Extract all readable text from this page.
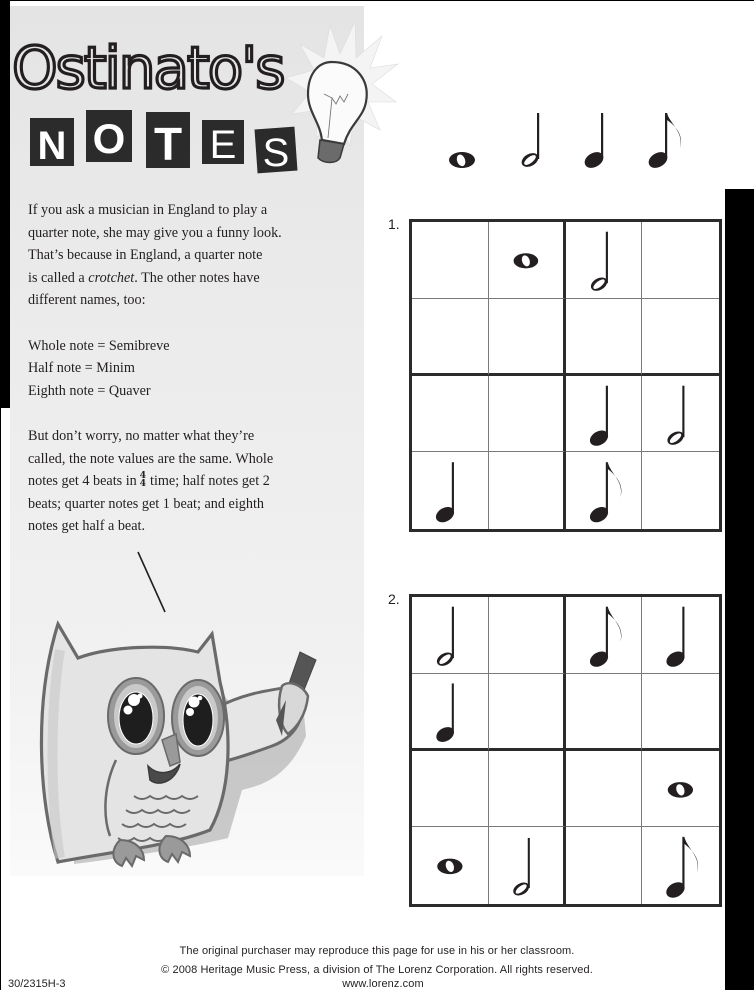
Ostinato's
N O T E S

If you ask a musician in England to play a

quarter note, she may give you a funny look.

That’s because in England, a quarter note

is called a crotchet. The other notes have

different names, too:

Whole note = Semibreve

Half note = Minim

Eighth note = Quaver

But don’t worry, no matter what they’re

called, the note values are the same. Whole

notes get 4 beats in 4
4 time; half notes get 2

beats; quarter notes get 1 beat; and eighth

notes get half a beat.

1.
2.
The original purchaser may reproduce this page for use in his or her classroom.
© 2008 Heritage Music Press, a division of The Lorenz Corporation. All rights reserved.
www.lorenz.com
30/2315H-3
